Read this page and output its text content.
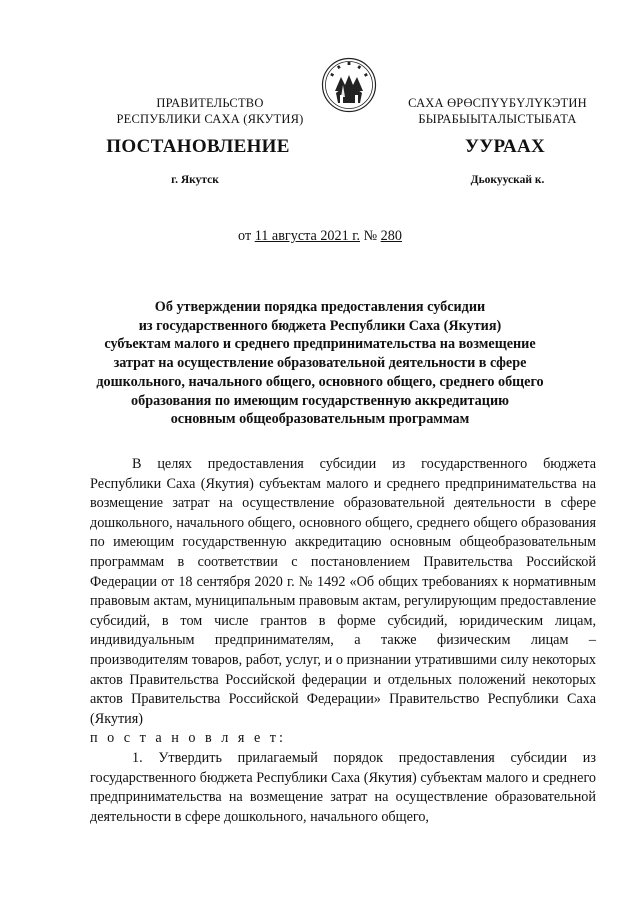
ПРАВИТЕЛЬСТВО
РЕСПУБЛИКИ САХА (ЯКУТИЯ)
САХА ӨРӨСПҮҮБҮЛҮКЭТИН
БЫРАБЫЫТАЛЫСТЫБАТА
ПОСТАНОВЛЕНИЕ	УУРААХ
г. Якутск	Дьокуускай к.
от 11 августа 2021 г. № 280
Об утверждении порядка предоставления субсидии
из государственного бюджета Республики Саха (Якутия)
субъектам малого и среднего предпринимательства на возмещение
затрат на осуществление образовательной деятельности в сфере
дошкольного, начального общего, основного общего, среднего общего
образования по имеющим государственную аккредитацию
основным общеобразовательным программам

В целях предоставления субсидии из государственного бюджета Республики Саха (Якутия) субъектам малого и среднего предпринимательства на возмещение затрат на осуществление образовательной деятельности в сфере дошкольного, начального общего, основного общего, среднего общего образования по имеющим государственную аккредитацию основным общеобразовательным программам в соответствии с постановлением Правительства Российской Федерации от 18 сентября 2020 г. № 1492 «Об общих требованиях к нормативным правовым актам, муниципальным правовым актам, регулирующим предоставление субсидий, в том числе грантов в форме субсидий, юридическим лицам, индивидуальным предпринимателям, а также физическим лицам – производителям товаров, работ, услуг, и о признании утратившими силу некоторых актов Правительства Российской федерации и отдельных положений некоторых актов Правительства Российской Федерации» Правительство Республики Саха (Якутия)

п о с т а н о в л я е т:

1. Утвердить прилагаемый порядок предоставления субсидии из государственного бюджета Республики Саха (Якутия) субъектам малого и среднего предпринимательства на возмещение затрат на осуществление образовательной деятельности в сфере дошкольного, начального общего,
